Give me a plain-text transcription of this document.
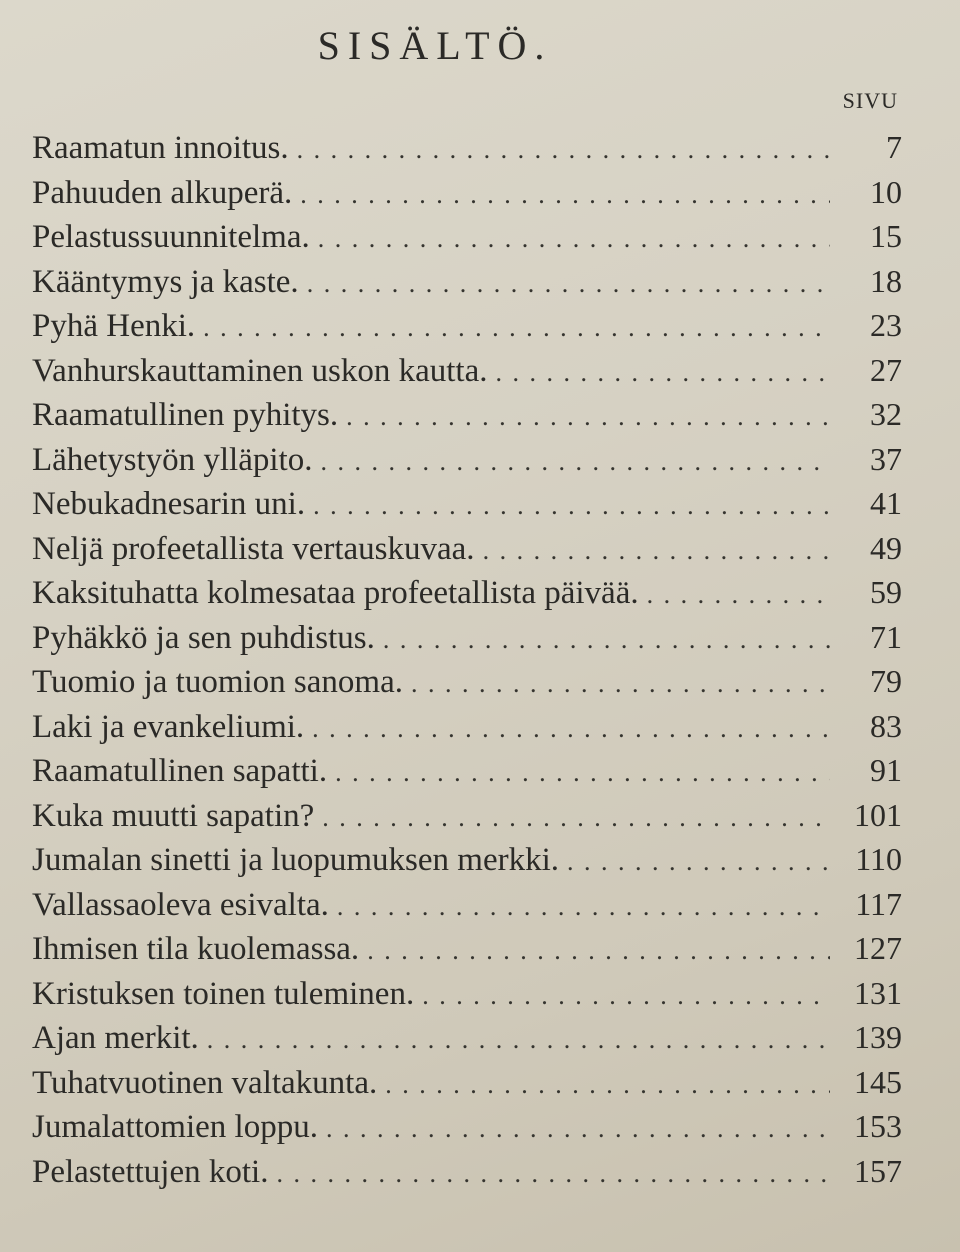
SISÄLTÖ.
SIVU
Raamatun innoitus. . . .	7
Pahuuden alkuperä. . . .	10
Pelastussuunnitelma. . . .	15
Kääntymys ja kaste. . . .	18
Pyhä Henki. . . .	23
Vanhurskauttaminen uskon kautta. . . .	27
Raamatullinen pyhitys. . . .	32
Lähetystyön ylläpito. . . .	37
Nebukadnesarin uni. . . .	41
Neljä profeetallista vertauskuvaa. . . .	49
Kaksituhatta kolmesataa profeetallista päivää. . . .	59
Pyhäkkö ja sen puhdistus. . . .	71
Tuomio ja tuomion sanoma. . . .	79
Laki ja evankeliumi. . . .	83
Raamatullinen sapatti. . . .	91
Kuka muutti sapatin? . . .	101
Jumalan sinetti ja luopumuksen merkki. . . .	110
Vallassaoleva esivalta. . . .	117
Ihmisen tila kuolemassa. . . .	127
Kristuksen toinen tuleminen. . . .	131
Ajan merkit. . . .	139
Tuhatvuotinen valtakunta. . . .	145
Jumalattomien loppu. . . .	153
Pelastettujen koti. . . .	157
